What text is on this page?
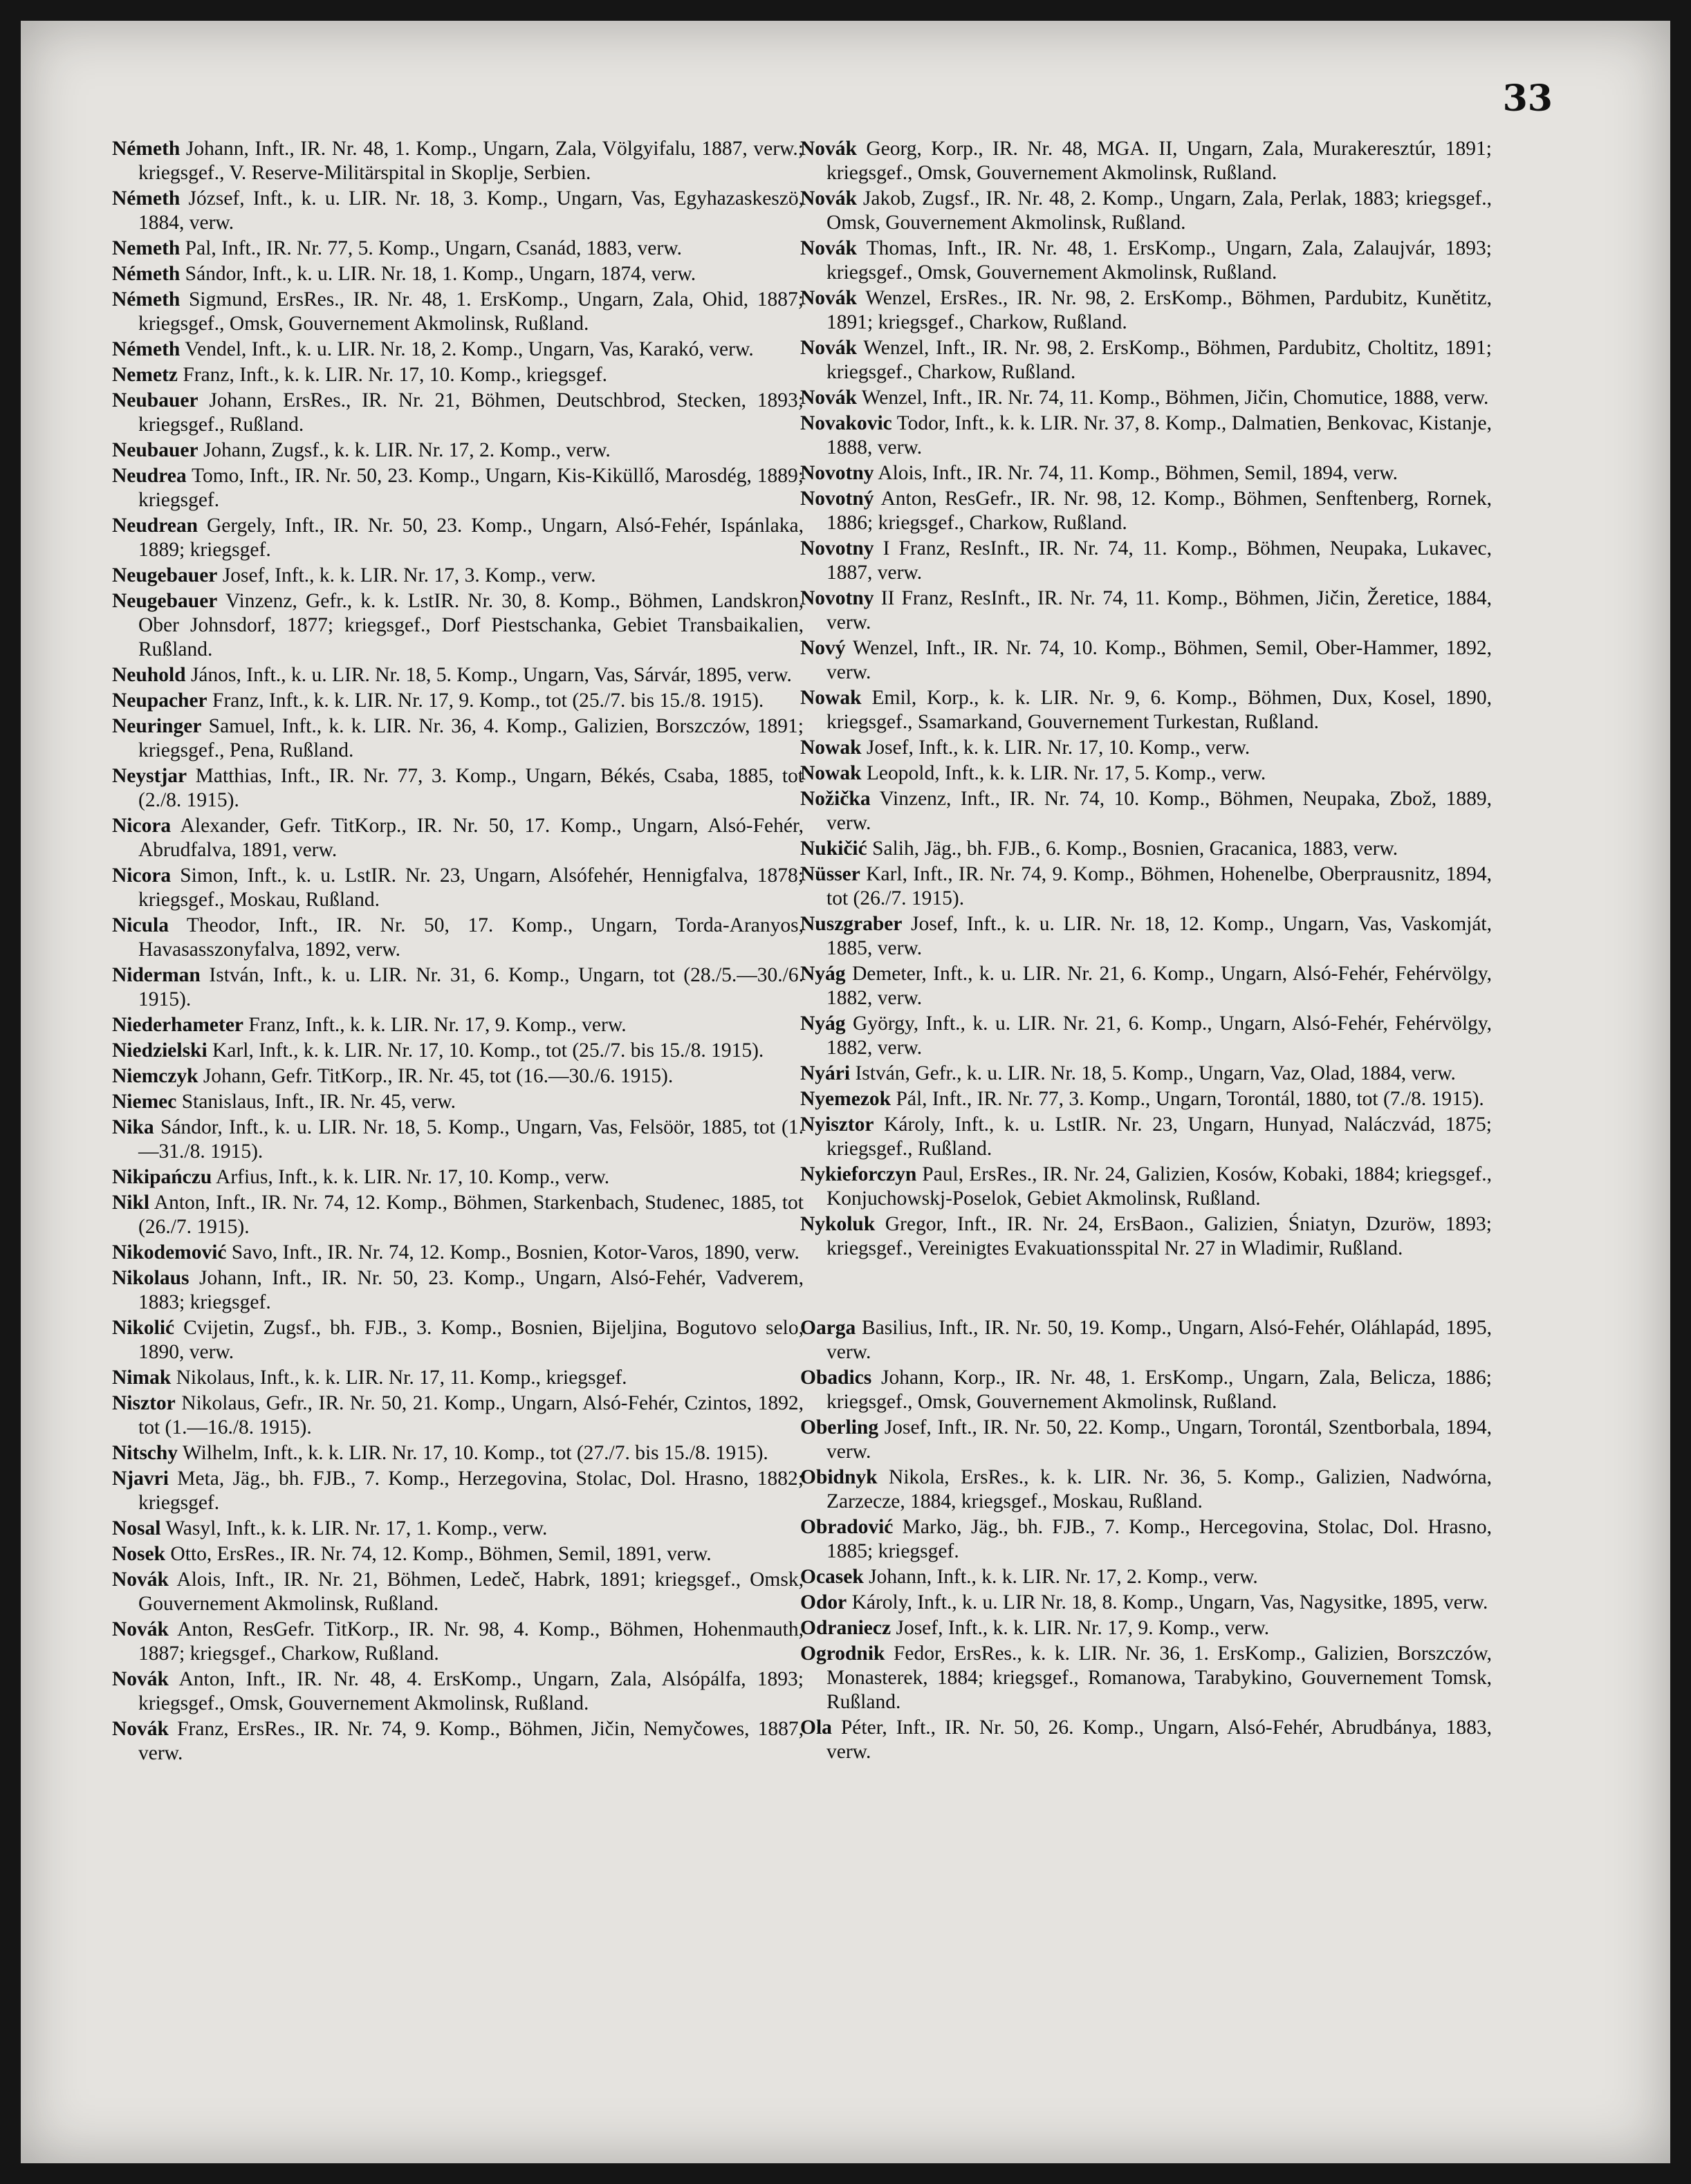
33
Németh Johann, Inft., IR. Nr. 48, 1. Komp., Ungarn, Zala, Völgyifalu, 1887, verw.; kriegsgef., V. Reserve-Militärspital in Skoplje, Serbien.
Németh József, Inft., k. u. LIR. Nr. 18, 3. Komp., Ungarn, Vas, Egyhazaskeszö, 1884, verw.
Nemeth Pal, Inft., IR. Nr. 77, 5. Komp., Ungarn, Csanád, 1883, verw.
Németh Sándor, Inft., k. u. LIR. Nr. 18, 1. Komp., Ungarn, 1874, verw.
Németh Sigmund, ErsRes., IR. Nr. 48, 1. ErsKomp., Ungarn, Zala, Ohid, 1887; kriegsgef., Omsk, Gouvernement Akmolinsk, Rußland.
Németh Vendel, Inft., k. u. LIR. Nr. 18, 2. Komp., Ungarn, Vas, Karakó, verw.
Nemetz Franz, Inft., k. k. LIR. Nr. 17, 10. Komp., kriegsgef.
Neubauer Johann, ErsRes., IR. Nr. 21, Böhmen, Deutschbrod, Stecken, 1893; kriegsgef., Rußland.
Neubauer Johann, Zugsf., k. k. LIR. Nr. 17, 2. Komp., verw.
Neudrea Tomo, Inft., IR. Nr. 50, 23. Komp., Ungarn, Kis-Kiküllő, Marosdég, 1889; kriegsgef.
Neudrean Gergely, Inft., IR. Nr. 50, 23. Komp., Ungarn, Alsó-Fehér, Ispánlaka, 1889; kriegsgef.
Neugebauer Josef, Inft., k. k. LIR. Nr. 17, 3. Komp., verw.
Neugebauer Vinzenz, Gefr., k. k. LstIR. Nr. 30, 8. Komp., Böhmen, Landskron, Ober Johnsdorf, 1877; kriegsgef., Dorf Piestschanka, Gebiet Transbaikalien, Rußland.
Neuhold János, Inft., k. u. LIR. Nr. 18, 5. Komp., Ungarn, Vas, Sárvár, 1895, verw.
Neupacher Franz, Inft., k. k. LIR. Nr. 17, 9. Komp., tot (25./7. bis 15./8. 1915).
Neuringer Samuel, Inft., k. k. LIR. Nr. 36, 4. Komp., Galizien, Borszczów, 1891; kriegsgef., Pena, Rußland.
Neystjar Matthias, Inft., IR. Nr. 77, 3. Komp., Ungarn, Békés, Csaba, 1885, tot (2./8. 1915).
Nicora Alexander, Gefr. TitKorp., IR. Nr. 50, 17. Komp., Ungarn, Alsó-Fehér, Abrudfalva, 1891, verw.
Nicora Simon, Inft., k. u. LstIR. Nr. 23, Ungarn, Alsófehér, Hennigfalva, 1878; kriegsgef., Moskau, Rußland.
Nicula Theodor, Inft., IR. Nr. 50, 17. Komp., Ungarn, Torda-Aranyos, Havasasszonyfalva, 1892, verw.
Niderman István, Inft., k. u. LIR. Nr. 31, 6. Komp., Ungarn, tot (28./5.—30./6. 1915).
Niederhameter Franz, Inft., k. k. LIR. Nr. 17, 9. Komp., verw.
Niedzielski Karl, Inft., k. k. LIR. Nr. 17, 10. Komp., tot (25./7. bis 15./8. 1915).
Niemczyk Johann, Gefr. TitKorp., IR. Nr. 45, tot (16.—30./6. 1915).
Niemec Stanislaus, Inft., IR. Nr. 45, verw.
Nika Sándor, Inft., k. u. LIR. Nr. 18, 5. Komp., Ungarn, Vas, Felsöör, 1885, tot (1.—31./8. 1915).
Nikipańczu Arfius, Inft., k. k. LIR. Nr. 17, 10. Komp., verw.
Nikl Anton, Inft., IR. Nr. 74, 12. Komp., Böhmen, Starkenbach, Studenec, 1885, tot (26./7. 1915).
Nikodemović Savo, Inft., IR. Nr. 74, 12. Komp., Bosnien, Kotor-Varos, 1890, verw.
Nikolaus Johann, Inft., IR. Nr. 50, 23. Komp., Ungarn, Alsó-Fehér, Vadverem, 1883; kriegsgef.
Nikolić Cvijetin, Zugsf., bh. FJB., 3. Komp., Bosnien, Bijeljina, Bogutovo selo, 1890, verw.
Nimak Nikolaus, Inft., k. k. LIR. Nr. 17, 11. Komp., kriegsgef.
Nisztor Nikolaus, Gefr., IR. Nr. 50, 21. Komp., Ungarn, Alsó-Fehér, Czintos, 1892, tot (1.—16./8. 1915).
Nitschy Wilhelm, Inft., k. k. LIR. Nr. 17, 10. Komp., tot (27./7. bis 15./8. 1915).
Njavri Meta, Jäg., bh. FJB., 7. Komp., Herzegovina, Stolac, Dol. Hrasno, 1882; kriegsgef.
Nosal Wasyl, Inft., k. k. LIR. Nr. 17, 1. Komp., verw.
Nosek Otto, ErsRes., IR. Nr. 74, 12. Komp., Böhmen, Semil, 1891, verw.
Novák Alois, Inft., IR. Nr. 21, Böhmen, Ledeč, Habrk, 1891; kriegsgef., Omsk, Gouvernement Akmolinsk, Rußland.
Novák Anton, ResGefr. TitKorp., IR. Nr. 98, 4. Komp., Böhmen, Hohenmauth, 1887; kriegsgef., Charkow, Rußland.
Novák Anton, Inft., IR. Nr. 48, 4. ErsKomp., Ungarn, Zala, Alsópálfa, 1893; kriegsgef., Omsk, Gouvernement Akmolinsk, Rußland.
Novák Franz, ErsRes., IR. Nr. 74, 9. Komp., Böhmen, Jičin, Nemyčowes, 1887, verw.
Novák Georg, Korp., IR. Nr. 48, MGA. II, Ungarn, Zala, Murakeresztúr, 1891; kriegsgef., Omsk, Gouvernement Akmolinsk, Rußland.
Novák Jakob, Zugsf., IR. Nr. 48, 2. Komp., Ungarn, Zala, Perlak, 1883; kriegsgef., Omsk, Gouvernement Akmolinsk, Rußland.
Novák Thomas, Inft., IR. Nr. 48, 1. ErsKomp., Ungarn, Zala, Zalaujvár, 1893; kriegsgef., Omsk, Gouvernement Akmolinsk, Rußland.
Novák Wenzel, ErsRes., IR. Nr. 98, 2. ErsKomp., Böhmen, Pardubitz, Kunětitz, 1891; kriegsgef., Charkow, Rußland.
Novák Wenzel, Inft., IR. Nr. 98, 2. ErsKomp., Böhmen, Pardubitz, Choltitz, 1891; kriegsgef., Charkow, Rußland.
Novák Wenzel, Inft., IR. Nr. 74, 11. Komp., Böhmen, Jičin, Chomutice, 1888, verw.
Novakovic Todor, Inft., k. k. LIR. Nr. 37, 8. Komp., Dalmatien, Benkovac, Kistanje, 1888, verw.
Novotny Alois, Inft., IR. Nr. 74, 11. Komp., Böhmen, Semil, 1894, verw.
Novotný Anton, ResGefr., IR. Nr. 98, 12. Komp., Böhmen, Senftenberg, Rornek, 1886; kriegsgef., Charkow, Rußland.
Novotny I Franz, ResInft., IR. Nr. 74, 11. Komp., Böhmen, Neupaka, Lukavec, 1887, verw.
Novotny II Franz, ResInft., IR. Nr. 74, 11. Komp., Böhmen, Jičin, Žeretice, 1884, verw.
Nový Wenzel, Inft., IR. Nr. 74, 10. Komp., Böhmen, Semil, Ober-Hammer, 1892, verw.
Nowak Emil, Korp., k. k. LIR. Nr. 9, 6. Komp., Böhmen, Dux, Kosel, 1890, kriegsgef., Ssamarkand, Gouvernement Turkestan, Rußland.
Nowak Josef, Inft., k. k. LIR. Nr. 17, 10. Komp., verw.
Nowak Leopold, Inft., k. k. LIR. Nr. 17, 5. Komp., verw.
Nožička Vinzenz, Inft., IR. Nr. 74, 10. Komp., Böhmen, Neupaka, Zbož, 1889, verw.
Nukičić Salih, Jäg., bh. FJB., 6. Komp., Bosnien, Gracanica, 1883, verw.
Nüsser Karl, Inft., IR. Nr. 74, 9. Komp., Böhmen, Hohenelbe, Oberprausnitz, 1894, tot (26./7. 1915).
Nuszgraber Josef, Inft., k. u. LIR. Nr. 18, 12. Komp., Ungarn, Vas, Vaskomját, 1885, verw.
Nyág Demeter, Inft., k. u. LIR. Nr. 21, 6. Komp., Ungarn, Alsó-Fehér, Fehérvölgy, 1882, verw.
Nyág György, Inft., k. u. LIR. Nr. 21, 6. Komp., Ungarn, Alsó-Fehér, Fehérvölgy, 1882, verw.
Nyári István, Gefr., k. u. LIR. Nr. 18, 5. Komp., Ungarn, Vaz, Olad, 1884, verw.
Nyemezok Pál, Inft., IR. Nr. 77, 3. Komp., Ungarn, Torontál, 1880, tot (7./8. 1915).
Nyisztor Károly, Inft., k. u. LstIR. Nr. 23, Ungarn, Hunyad, Naláczvád, 1875; kriegsgef., Rußland.
Nykieforczyn Paul, ErsRes., IR. Nr. 24, Galizien, Kosów, Kobaki, 1884; kriegsgef., Konjuchowskj-Poselok, Gebiet Akmolinsk, Rußland.
Nykoluk Gregor, Inft., IR. Nr. 24, ErsBaon., Galizien, Śniatyn, Dzuröw, 1893; kriegsgef., Vereinigtes Evakuationsspital Nr. 27 in Wladimir, Rußland.
Oarga Basilius, Inft., IR. Nr. 50, 19. Komp., Ungarn, Alsó-Fehér, Oláhlapád, 1895, verw.
Obadics Johann, Korp., IR. Nr. 48, 1. ErsKomp., Ungarn, Zala, Belicza, 1886; kriegsgef., Omsk, Gouvernement Akmolinsk, Rußland.
Oberling Josef, Inft., IR. Nr. 50, 22. Komp., Ungarn, Torontál, Szentborbala, 1894, verw.
Obidnyk Nikola, ErsRes., k. k. LIR. Nr. 36, 5. Komp., Galizien, Nadwórna, Zarzecze, 1884, kriegsgef., Moskau, Rußland.
Obradović Marko, Jäg., bh. FJB., 7. Komp., Hercegovina, Stolac, Dol. Hrasno, 1885; kriegsgef.
Ocasek Johann, Inft., k. k. LIR. Nr. 17, 2. Komp., verw.
Odor Károly, Inft., k. u. LIR Nr. 18, 8. Komp., Ungarn, Vas, Nagysitke, 1895, verw.
Odraniecz Josef, Inft., k. k. LIR. Nr. 17, 9. Komp., verw.
Ogrodnik Fedor, ErsRes., k. k. LIR. Nr. 36, 1. ErsKomp., Galizien, Borszczów, Monasterek, 1884; kriegsgef., Romanowa, Tarabykino, Gouvernement Tomsk, Rußland.
Ola Péter, Inft., IR. Nr. 50, 26. Komp., Ungarn, Alsó-Fehér, Abrudbánya, 1883, verw.
